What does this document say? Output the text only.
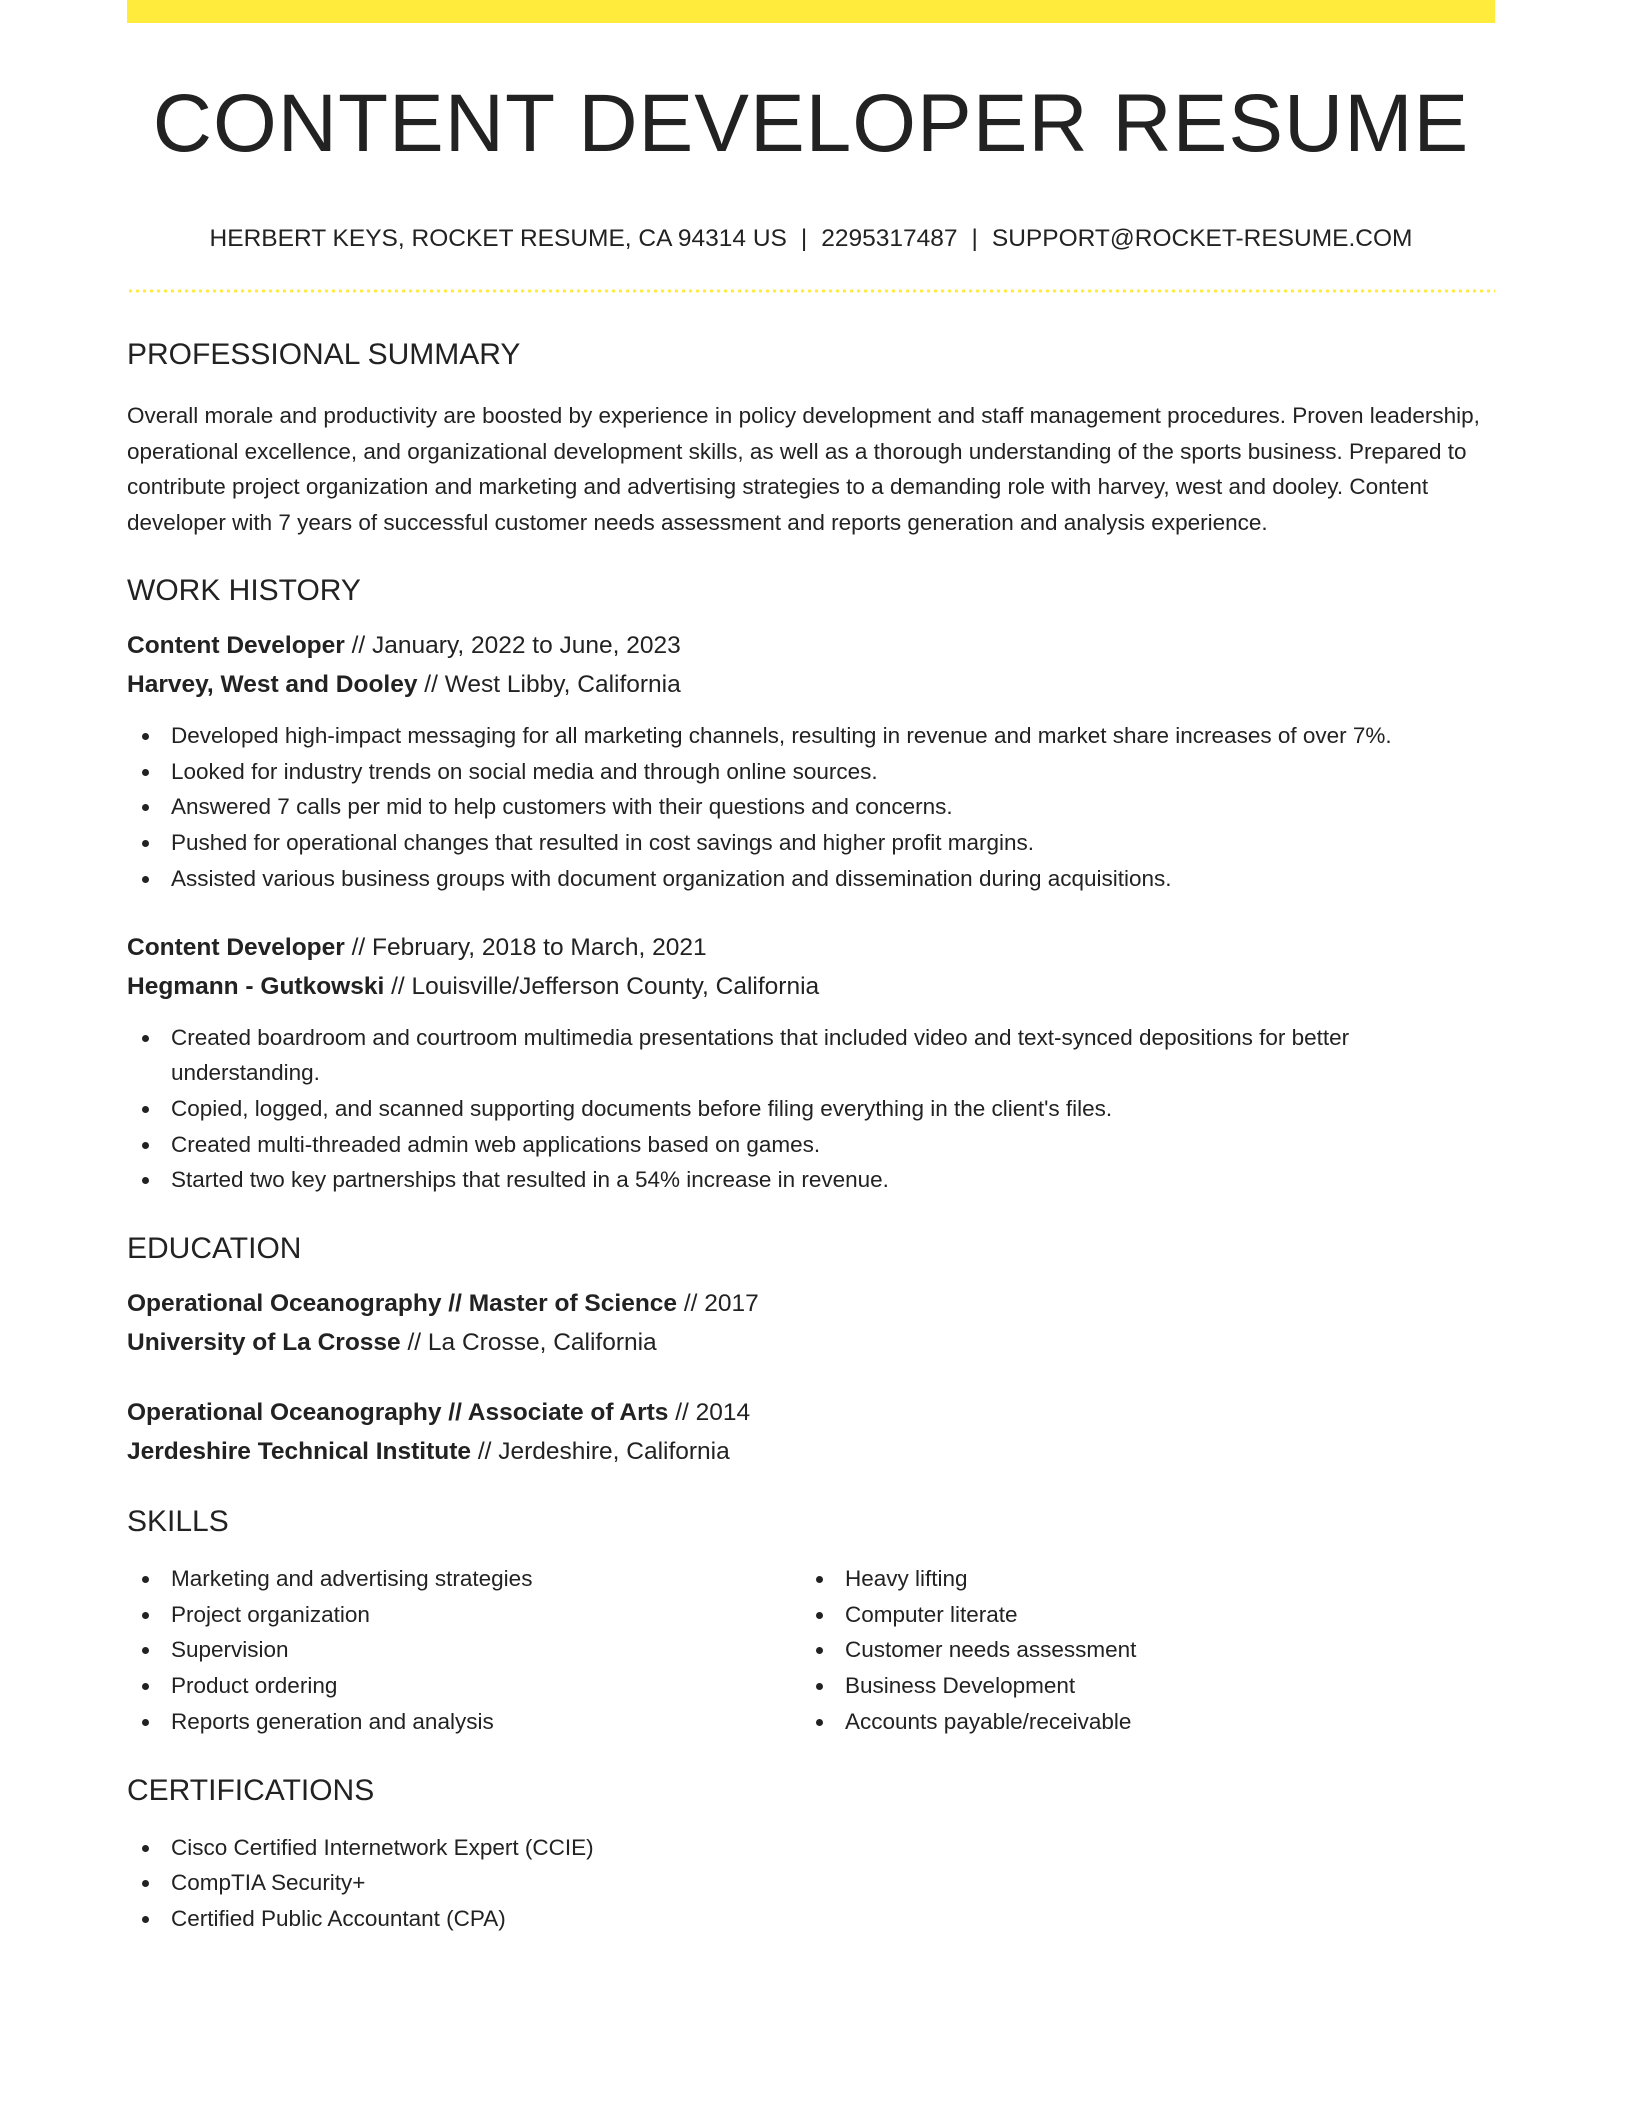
CONTENT DEVELOPER RESUME
HERBERT KEYS, ROCKET RESUME, CA 94314 US | 2295317487 | SUPPORT@ROCKET-RESUME.COM
PROFESSIONAL SUMMARY

Overall morale and productivity are boosted by experience in policy development and staff management procedures. Proven leadership, operational excellence, and organizational development skills, as well as a thorough understanding of the sports business. Prepared to contribute project organization and marketing and advertising strategies to a demanding role with harvey, west and dooley. Content developer with 7 years of successful customer needs assessment and reports generation and analysis experience.

WORK HISTORY
Content Developer // January, 2022 to June, 2023
Harvey, West and Dooley // West Libby, California
Developed high-impact messaging for all marketing channels, resulting in revenue and market share increases of over 7%.
Looked for industry trends on social media and through online sources.
Answered 7 calls per mid to help customers with their questions and concerns.
Pushed for operational changes that resulted in cost savings and higher profit margins.
Assisted various business groups with document organization and dissemination during acquisitions.
Content Developer // February, 2018 to March, 2021
Hegmann - Gutkowski // Louisville/Jefferson County, California
Created boardroom and courtroom multimedia presentations that included video and text-synced depositions for better understanding.
Copied, logged, and scanned supporting documents before filing everything in the client's files.
Created multi-threaded admin web applications based on games.
Started two key partnerships that resulted in a 54% increase in revenue.
EDUCATION
Operational Oceanography // Master of Science // 2017
University of La Crosse // La Crosse, California
Operational Oceanography // Associate of Arts // 2014
Jerdeshire Technical Institute // Jerdeshire, California
SKILLS
Marketing and advertising strategies
Project organization
Supervision
Product ordering
Reports generation and analysis
Heavy lifting
Computer literate
Customer needs assessment
Business Development
Accounts payable/receivable
CERTIFICATIONS
Cisco Certified Internetwork Expert (CCIE)
CompTIA Security+
Certified Public Accountant (CPA)
